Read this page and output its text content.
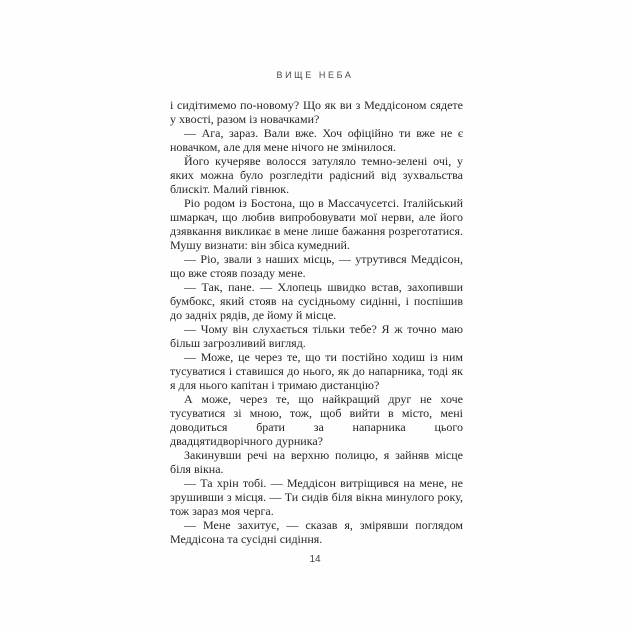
ВИЩЕ НЕБА

і сидітимемо по-новому? Що як ви з Меддісоном сядете у хвості, разом із новачками?

— Ага, зараз. Вали вже. Хоч офіційно ти вже не є новачком, але для мене нічого не змінилося.

Його кучеряве волосся затуляло темно-зелені очі, у яких можна було розгледіти радісний від зухвальства блискіт. Малий гівнюк.

Ріо родом із Бостона, що в Массачусетсі. Італійський шмаркач, що любив випробовувати мої нерви, але його дзявкання викликає в мене лише бажання розреготатися. Мушу визнати: він збіса кумедний.

— Ріо, звали з наших місць, — утрутився Меддісон, що вже стояв позаду мене.

— Так, пане. — Хлопець швидко встав, захопивши бумбокс, який стояв на сусідньому сидінні, і поспішив до задніх рядів, де йому й місце.

— Чому він слухається тільки тебе? Я ж точно маю більш загрозливий вигляд.

— Може, це через те, що ти постійно ходиш із ним тусуватися і ставишся до нього, як до напарника, тоді як я для нього капітан і тримаю дистанцію?

А може, через те, що найкращий друг не хоче тусуватися зі мною, тож, щоб вийти в місто, мені доводиться брати за напарника цього двадцятидворічного дурника?

Закинувши речі на верхню полицю, я зайняв місце біля вікна.

— Та хрін тобі. — Меддісон витріщився на мене, не зрушивши з місця. — Ти сидів біля вікна минулого року, тож зараз моя черга.

— Мене захитує, — сказав я, змірявши поглядом Меддісона та сусідні сидіння.

14
